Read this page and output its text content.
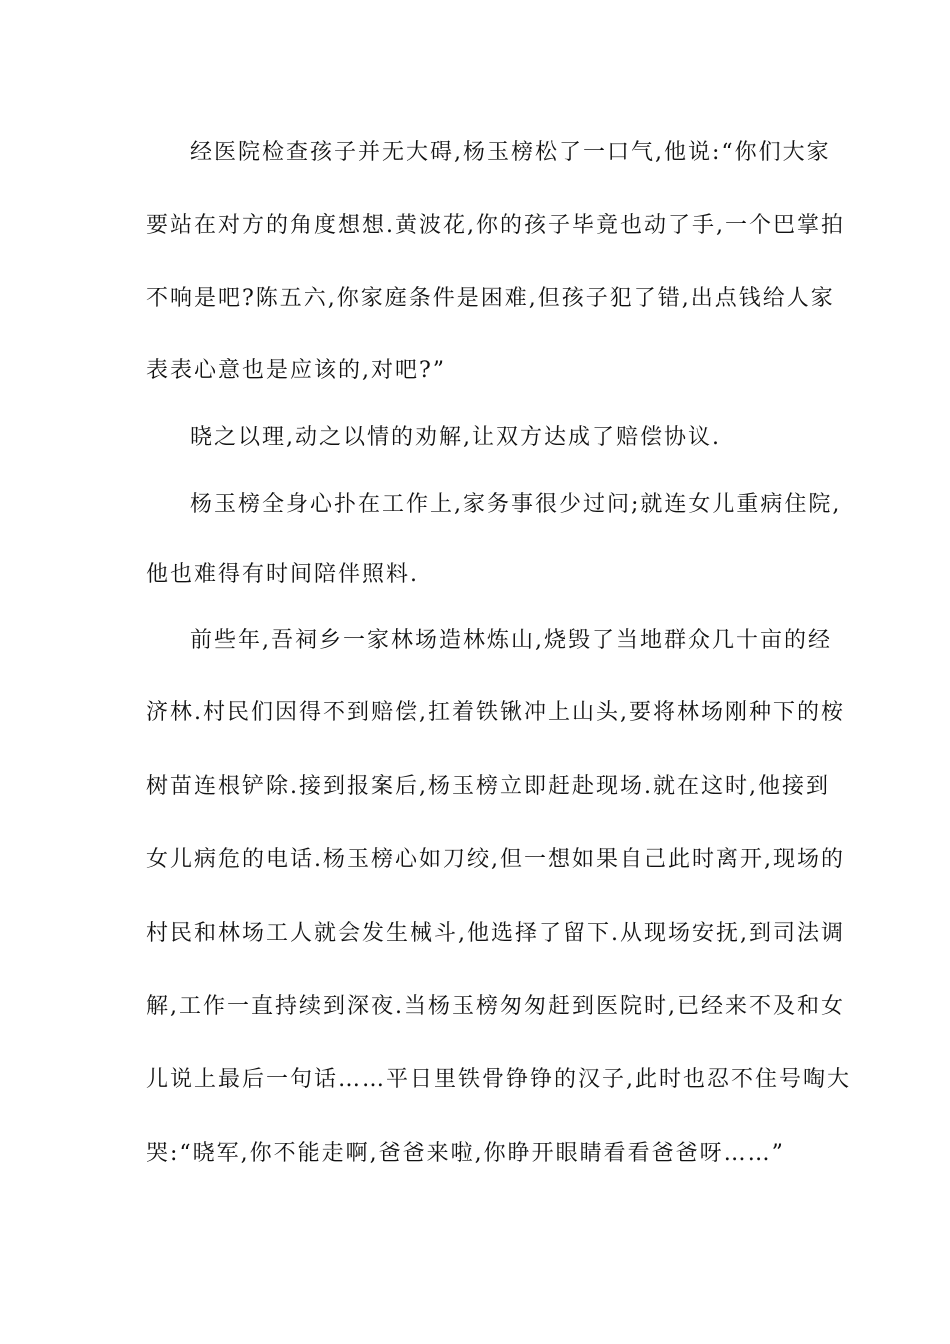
经医院检查孩子并无大碍,杨玉榜松了一口气,他说:“你们大家
要站在对方的角度想想.黄波花,你的孩子毕竟也动了手,一个巴掌拍
不响是吧?陈五六,你家庭条件是困难,但孩子犯了错,出点钱给人家
表表心意也是应该的,对吧?”
晓之以理,动之以情的劝解,让双方达成了赔偿协议.
杨玉榜全身心扑在工作上,家务事很少过问;就连女儿重病住院,
他也难得有时间陪伴照料.
前些年,吾祠乡一家林场造林炼山,烧毁了当地群众几十亩的经
济林.村民们因得不到赔偿,扛着铁锹冲上山头,要将林场刚种下的桉
树苗连根铲除.接到报案后,杨玉榜立即赶赴现场.就在这时,他接到
女儿病危的电话.杨玉榜心如刀绞,但一想如果自己此时离开,现场的
村民和林场工人就会发生械斗,他选择了留下.从现场安抚,到司法调
解,工作一直持续到深夜.当杨玉榜匆匆赶到医院时,已经来不及和女
儿说上最后一句话……平日里铁骨铮铮的汉子,此时也忍不住号啕大
哭:“晓军,你不能走啊,爸爸来啦,你睁开眼睛看看爸爸呀……”
